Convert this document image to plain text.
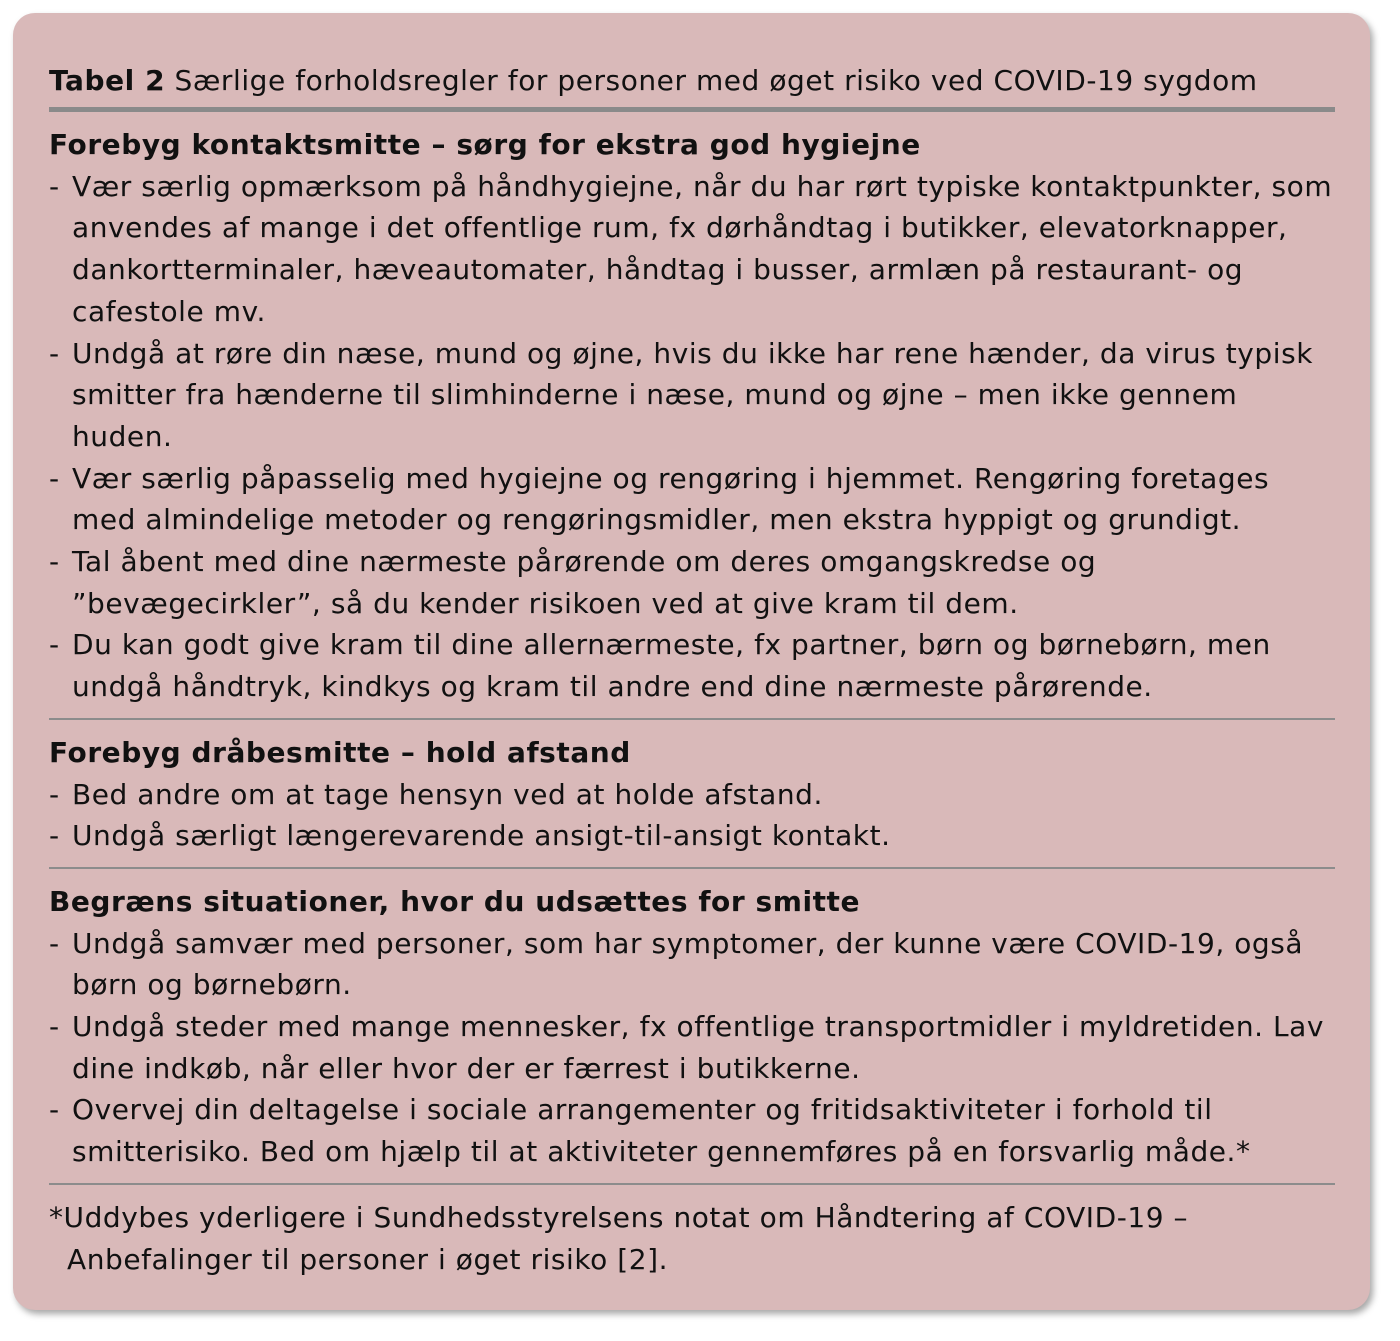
Tabel 2 Særlige forholdsregler for personer med øget risiko ved COVID-19 sygdom

Forebyg kontaktsmitte – sørg for ekstra god hygiejne

- Vær særlig opmærksom på håndhygiejne, når du har rørt typiske kontaktpunkter, som anvendes af mange i det offentlige rum, fx dørhåndtag i butikker, elevatorknapper, dankortterminaler, hæveautomater, håndtag i busser, armlæn på restaurant- og cafestole mv.
- Undgå at røre din næse, mund og øjne, hvis du ikke har rene hænder, da virus typisk smitter fra hænderne til slimhinderne i næse, mund og øjne – men ikke gennem huden.
- Vær særlig påpasselig med hygiejne og rengøring i hjemmet. Rengøring foretages med almindelige metoder og rengøringsmidler, men ekstra hyppigt og grundigt.
- Tal åbent med dine nærmeste pårørende om deres omgangskredse og ”bevægecirkler”, så du kender risikoen ved at give kram til dem.
- Du kan godt give kram til dine allernærmeste, fx partner, børn og børnebørn, men undgå håndtryk, kindkys og kram til andre end dine nærmeste pårørende.

Forebyg dråbesmitte – hold afstand

- Bed andre om at tage hensyn ved at holde afstand.
- Undgå særligt længerevarende ansigt-til-ansigt kontakt.

Begræns situationer, hvor du udsættes for smitte

- Undgå samvær med personer, som har symptomer, der kunne være COVID-19, også børn og børnebørn.
- Undgå steder med mange mennesker, fx offentlige transportmidler i myldretiden. Lav dine indkøb, når eller hvor der er færrest i butikkerne.
- Overvej din deltagelse i sociale arrangementer og fritidsaktiviteter i forhold til smitterisiko. Bed om hjælp til at aktiviteter gennemføres på en forsvarlig måde.*

*Uddybes yderligere i Sundhedsstyrelsens notat om Håndtering af COVID-19 – Anbefalinger til personer i øget risiko [2].
